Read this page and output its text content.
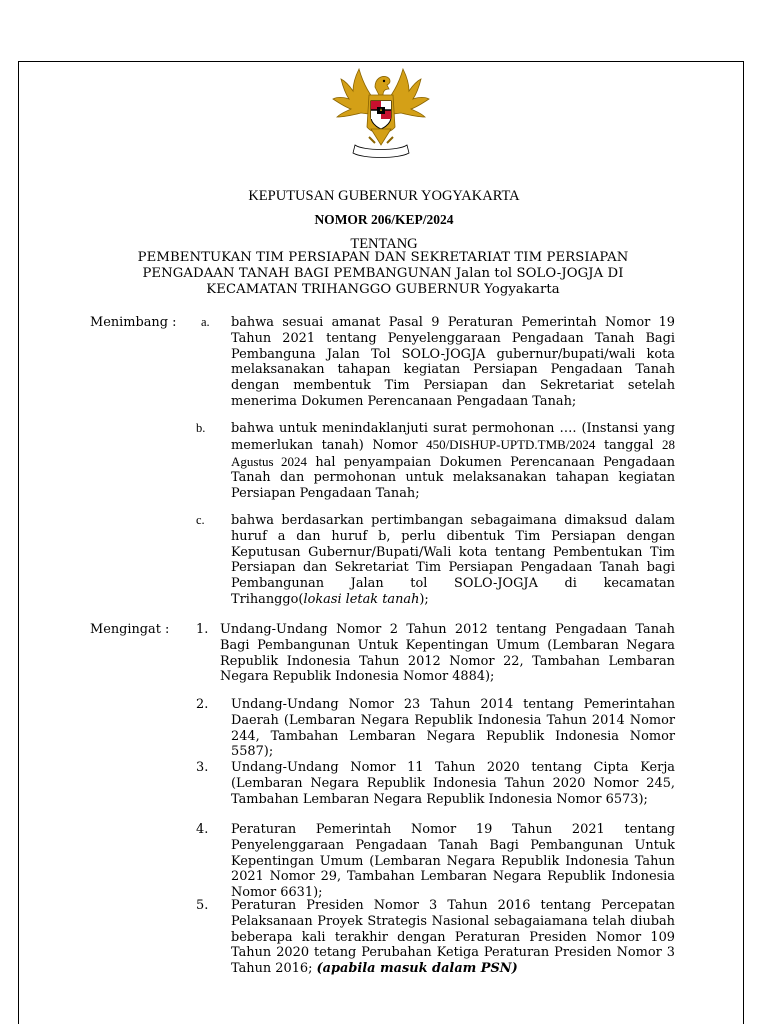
KEPUTUSAN GUBERNUR YOGYAKARTA
NOMOR 206/KEP/2024
TENTANG
PEMBENTUKAN TIM PERSIAPAN DAN SEKRETARIAT TIM PERSIAPAN
PENGADAAN TANAH BAGI PEMBANGUNAN Jalan tol SOLO-JOGJA DI
KECAMATAN TRIHANGGO GUBERNUR Yogyakarta
Menimbang : a. bahwa sesuai amanat Pasal 9 Peraturan Pemerintah Nomor 19 Tahun 2021 tentang Penyelenggaraan Pengadaan Tanah Bagi Pembanguna Jalan Tol SOLO-JOGJA gubernur/bupati/wali kota melaksanakan tahapan kegiatan Persiapan Pengadaan Tanah dengan membentuk Tim Persiapan dan Sekretariat setelah menerima Dokumen Perencanaan Pengadaan Tanah;
b. bahwa untuk menindaklanjuti surat permohonan …. (Instansi yang memerlukan tanah) Nomor 450/DISHUP-UPTD.TMB/2024 tanggal 28 Agustus 2024 hal penyampaian Dokumen Perencanaan Pengadaan Tanah dan permohonan untuk melaksanakan tahapan kegiatan Persiapan Pengadaan Tanah;
c. bahwa berdasarkan pertimbangan sebagaimana dimaksud dalam huruf a dan huruf b, perlu dibentuk Tim Persiapan dengan Keputusan Gubernur/Bupati/Wali kota tentang Pembentukan Tim Persiapan dan Sekretariat Tim Persiapan Pengadaan Tanah bagi Pembangunan Jalan tol SOLO-JOGJA di kecamatan Trihanggo(lokasi letak tanah);
Mengingat : 1. Undang-Undang Nomor 2 Tahun 2012 tentang Pengadaan Tanah Bagi Pembangunan Untuk Kepentingan Umum (Lembaran Negara Republik Indonesia Tahun 2012 Nomor 22, Tambahan Lembaran Negara Republik Indonesia Nomor 4884);
2. Undang-Undang Nomor 23 Tahun 2014 tentang Pemerintahan Daerah (Lembaran Negara Republik Indonesia Tahun 2014 Nomor 244, Tambahan Lembaran Negara Republik Indonesia Nomor 5587);
3. Undang-Undang Nomor 11 Tahun 2020 tentang Cipta Kerja (Lembaran Negara Republik Indonesia Tahun 2020 Nomor 245, Tambahan Lembaran Negara Republik Indonesia Nomor 6573);
4. Peraturan Pemerintah Nomor 19 Tahun 2021 tentang Penyelenggaraan Pengadaan Tanah Bagi Pembangunan Untuk Kepentingan Umum (Lembaran Negara Republik Indonesia Tahun 2021 Nomor 29, Tambahan Lembaran Negara Republik Indonesia Nomor 6631);
5. Peraturan Presiden Nomor 3 Tahun 2016 tentang Percepatan Pelaksanaan Proyek Strategis Nasional sebagaiamana telah diubah beberapa kali terakhir dengan Peraturan Presiden Nomor 109 Tahun 2020 tetang Perubahan Ketiga Peraturan Presiden Nomor 3 Tahun 2016; (apabila masuk dalam PSN)
